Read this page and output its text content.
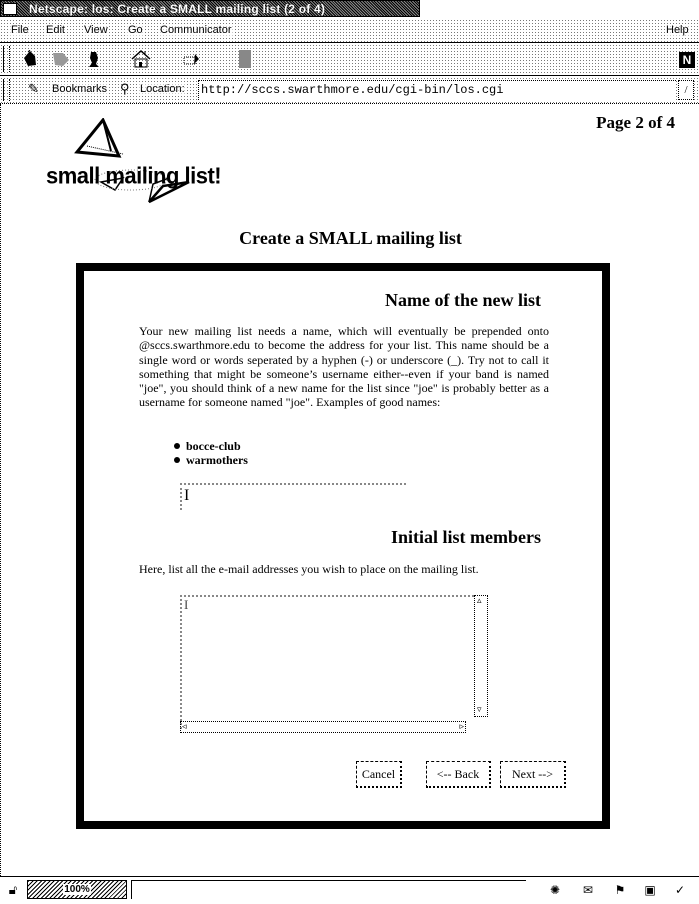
Netscape: los: Create a SMALL mailing list (2 of 4)
File Edit View Go Communicator	Help
N
✎ Bookmarks ⚲ Location: http://sccs.swarthmore.edu/cgi-bin/los.cgi	/
Page 2 of 4
small mailing list!
Create a SMALL mailing list
Name of the new list
Your new mailing list needs a name, which will eventually be prepended onto @sccs.swarthmore.edu to become the address for your list. This name should be a single word or words seperated by a hyphen (-) or underscore (_). Try not to call it something that might be someone’s username either--even if your band is named "joe", you should think of a new name for the list since "joe" is probably better as a username for someone named "joe". Examples of good names:
bocce-club
warmothers
I
Initial list members
Here, list all the e-mail addresses you wish to place on the mailing list.
I	▵
▿
◃	▹
Cancel	<-- Back	Next -->
🔓︎	100%	✺	✉	⚑	▣	✓
